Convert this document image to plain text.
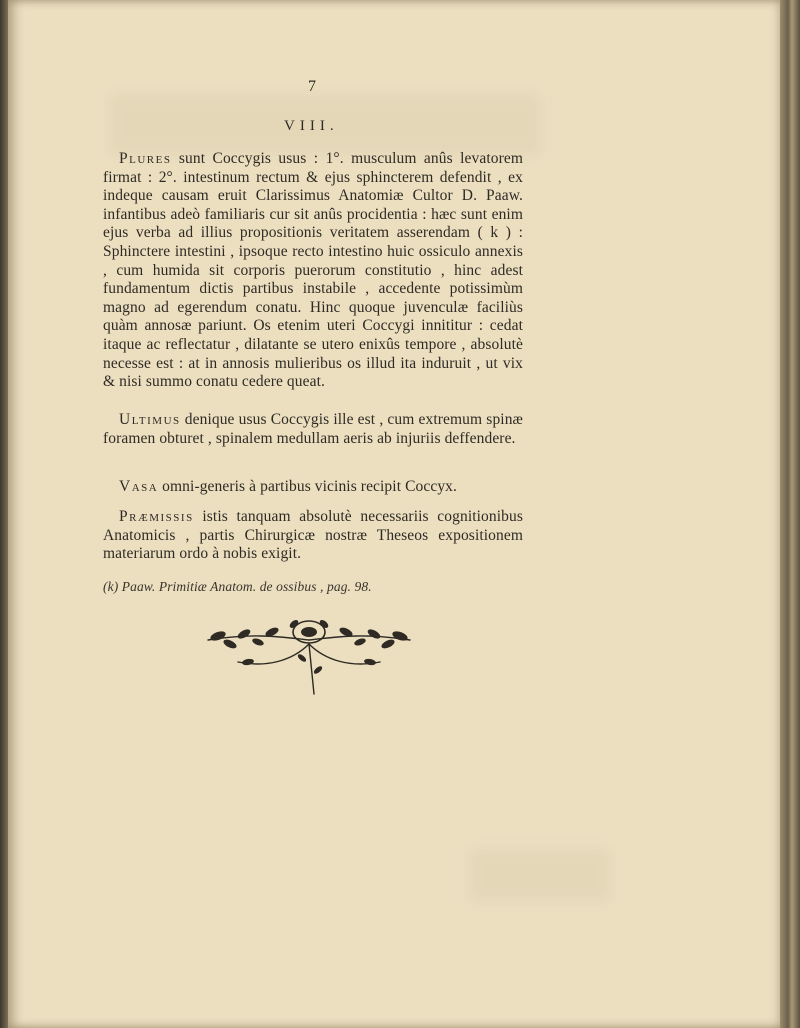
7
VIII.
Plures sunt Coccygis usus : 1°. musculum anûs levatorem firmat : 2°. intestinum rectum & ejus sphincterem defendit , ex indeque causam eruit Clarissimus Anatomiæ Cultor D. Paaw. infantibus adeò familiaris cur sit anûs procidentia : hæc sunt enim ejus verba ad illius propositionis veritatem asserendam ( k ) : Sphinctere intestini , ipsoque recto intestino huic ossiculo annexis , cum humida sit corporis puerorum constitutio , hinc adest fundamentum dictis partibus instabile , accedente potissimùm magno ad egerendum conatu. Hinc quoque juvenculæ faciliùs quàm annosæ pariunt. Os etenim uteri Coccygi innititur : cedat itaque ac reflectatur , dilatante se utero enixûs tempore , absolutè necesse est : at in annosis mulieribus os illud ita induruit , ut vix & nisi summo conatu cedere queat.
Ultimus denique usus Coccygis ille est , cum extremum spinæ foramen obturet , spinalem medullam aeris ab injuriis deffendere.
Vasa omni-generis à partibus vicinis recipit Coccyx.
Præmissis istis tanquam absolutè necessariis cognitionibus Anatomicis , partis Chirurgicæ nostræ Theseos expositionem materiarum ordo à nobis exigit.
(k) Paaw. Primitiæ Anatom. de ossibus , pag. 98.
